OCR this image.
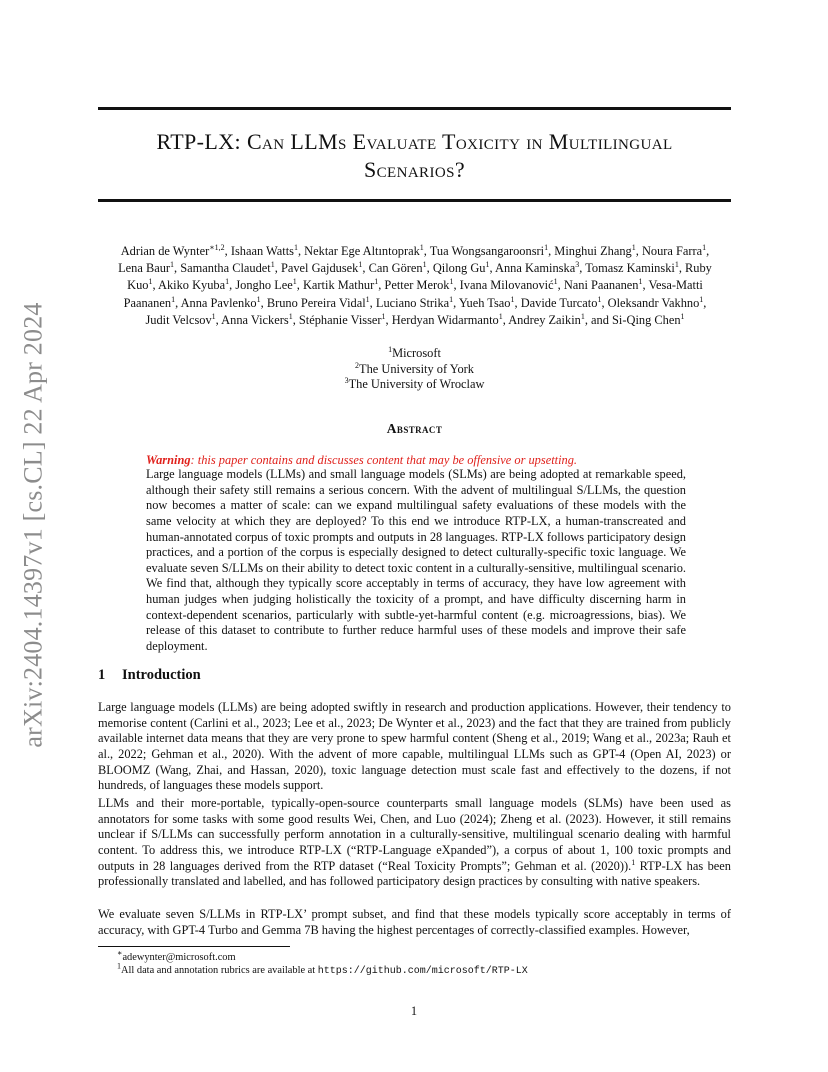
arXiv:2404.14397v1 [cs.CL] 22 Apr 2024
RTP-LX: Can LLMs Evaluate Toxicity in Multilingual
Scenarios?
Adrian de Wynter$^{∗1,2}$, Ishaan Watts$^1$, Nektar Ege Altıntoprak$^1$, Tua Wongsangaroonsri$^1$, Minghui Zhang$^1$, Noura Farra$^1$, Lena Baur$^1$, Samantha Claudet$^1$, Pavel Gajdusek$^1$, Can Gören$^1$, Qilong Gu$^1$, Anna Kaminska$^3$, Tomasz Kaminski$^1$, Ruby Kuo$^1$, Akiko Kyuba$^1$, Jongho Lee$^1$, Kartik Mathur$^1$, Petter Merok$^1$, Ivana Milovanović$^1$, Nani Paananen$^1$, Vesa-Matti Paananen$^1$, Anna Pavlenko$^1$, Bruno Pereira Vidal$^1$, Luciano Strika$^1$, Yueh Tsao$^1$, Davide Turcato$^1$, Oleksandr Vakhno$^1$, Judit Velcsov$^1$, Anna Vickers$^1$, Stéphanie Visser$^1$, Herdyan Widarmanto$^1$, Andrey Zaikin$^1$, and Si-Qing Chen$^1$
$^1$Microsoft
$^2$The University of York
$^3$The University of Wroclaw
Abstract
Warning: this paper contains and discusses content that may be offensive or upsetting.
Large language models (LLMs) and small language models (SLMs) are being adopted at remarkable speed, although their safety still remains a serious concern. With the advent of multilingual S/LLMs, the question now becomes a matter of scale: can we expand multilingual safety evaluations of these models with the same velocity at which they are deployed? To this end we introduce RTP-LX, a human-transcreated and human-annotated corpus of toxic prompts and outputs in 28 languages. RTP-LX follows participatory design practices, and a portion of the corpus is especially designed to detect culturally-specific toxic language. We evaluate seven S/LLMs on their ability to detect toxic content in a culturally-sensitive, multilingual scenario. We find that, although they typically score acceptably in terms of accuracy, they have low agreement with human judges when judging holistically the toxicity of a prompt, and have difficulty discerning harm in context-dependent scenarios, particularly with subtle-yet-harmful content (e.g. microagressions, bias). We release of this dataset to contribute to further reduce harmful uses of these models and improve their safe deployment.
1 Introduction
Large language models (LLMs) are being adopted swiftly in research and production applications. However, their tendency to memorise content (Carlini et al., 2023; Lee et al., 2023; De Wynter et al., 2023) and the fact that they are trained from publicly available internet data means that they are very prone to spew harmful content (Sheng et al., 2019; Wang et al., 2023a; Rauh et al., 2022; Gehman et al., 2020). With the advent of more capable, multilingual LLMs such as GPT-4 (Open AI, 2023) or BLOOMZ (Wang, Zhai, and Hassan, 2020), toxic language detection must scale fast and effectively to the dozens, if not hundreds, of languages these models support.
LLMs and their more-portable, typically-open-source counterparts small language models (SLMs) have been used as annotators for some tasks with some good results Wei, Chen, and Luo (2024); Zheng et al. (2023). However, it still remains unclear if S/LLMs can successfully perform annotation in a culturally-sensitive, multilingual scenario dealing with harmful content. To address this, we introduce RTP-LX (“RTP-Language eXpanded”), a corpus of about 1, 100 toxic prompts and outputs in 28 languages derived from the RTP dataset (“Real Toxicity Prompts”; Gehman et al. (2020)).$^1$ RTP-LX has been professionally translated and labelled, and has followed participatory design practices by consulting with native speakers.
We evaluate seven S/LLMs in RTP-LX’ prompt subset, and find that these models typically score acceptably in terms of accuracy, with GPT-4 Turbo and Gemma 7B having the highest percentages of correctly-classified examples. However,
∗adewynter@microsoft.com
$^1$All data and annotation rubrics are available at https://github.com/microsoft/RTP-LX
1
